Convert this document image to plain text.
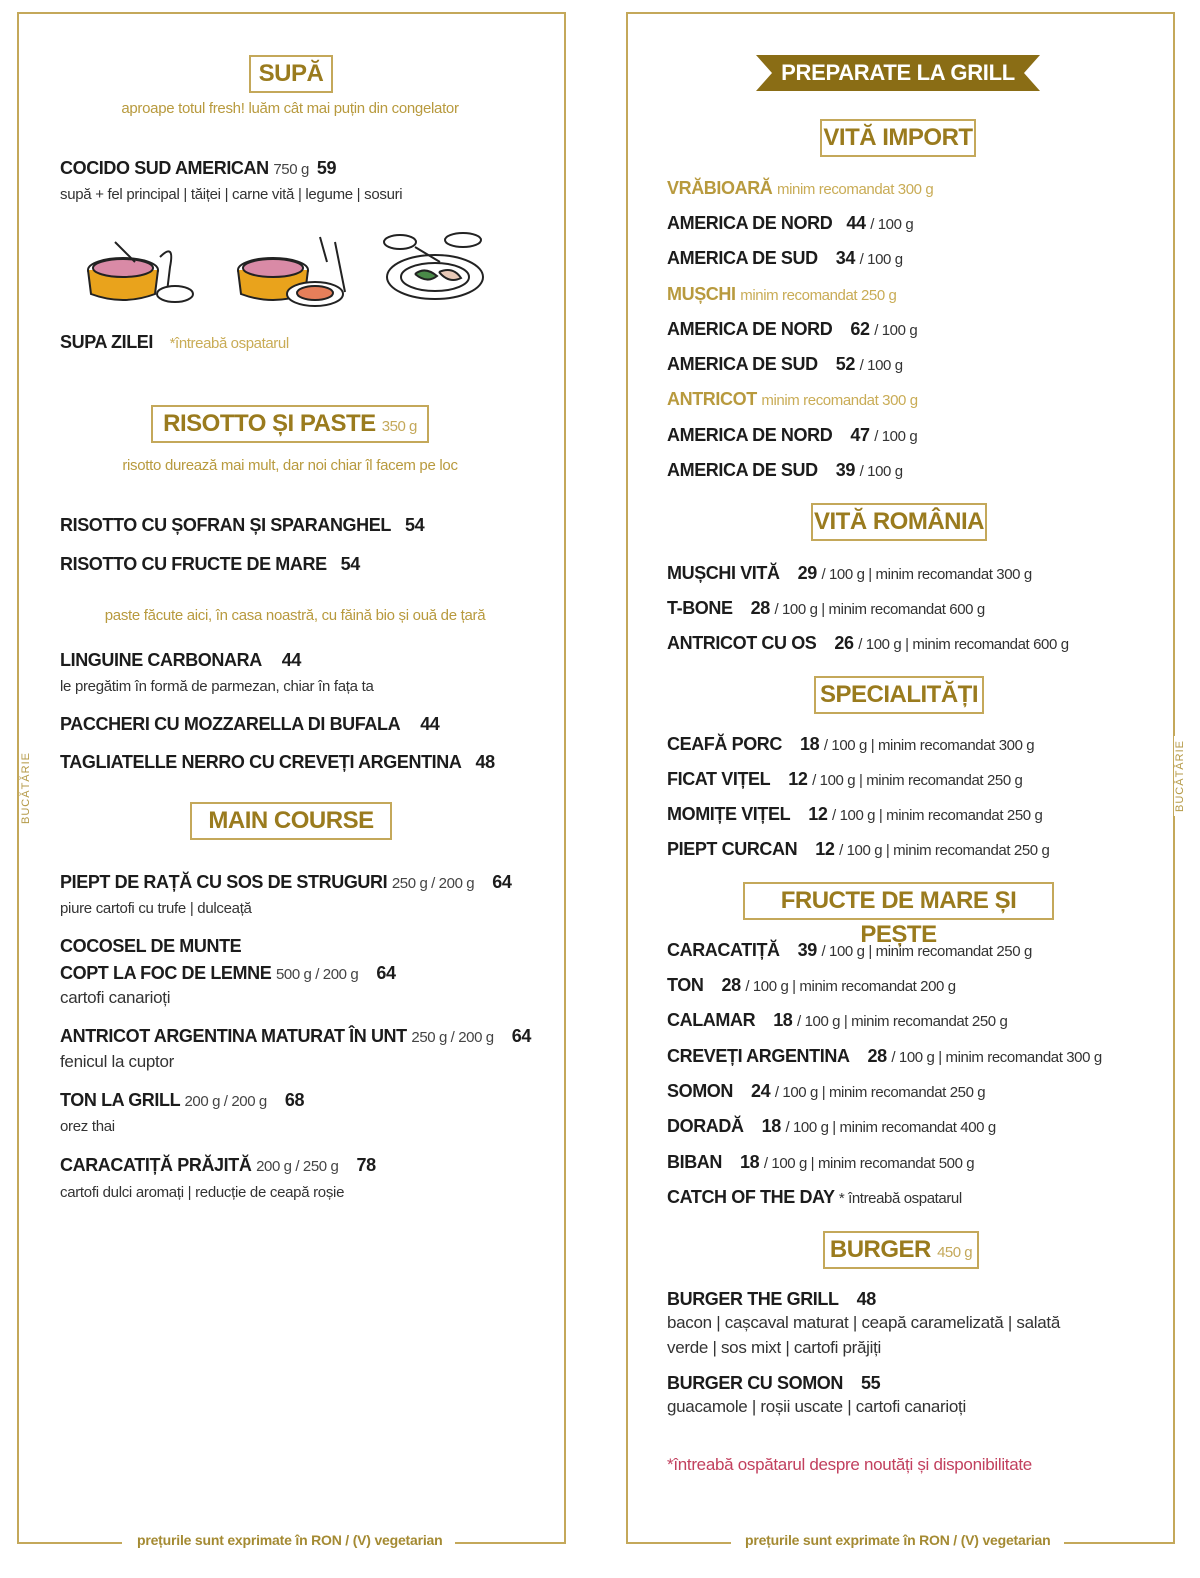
prețurile sunt exprimate în RON / (V) vegetarian	prețurile sunt exprimate în RON / (V) vegetarian
BUCĂTĂRIE	BUCĂTĂRIE
SUPĂ
aproape totul fresh! luăm cât mai puțin din congelator
COCIDO SUD AMERICAN 750 g 59
supă + fel principal | tăiței | carne vită | legume | sosuri
SUPA ZILEI *întreabă ospatarul
RISOTTO ȘI PASTE 350 g
risotto durează mai mult, dar noi chiar îl facem pe loc
RISOTTO CU ȘOFRAN ȘI SPARANGHEL 54
RISOTTO CU FRUCTE DE MARE 54
paste făcute aici, în casa noastră, cu făină bio și ouă de țară
LINGUINE CARBONARA 44
le pregătim în formă de parmezan, chiar în fața ta
PACCHERI CU MOZZARELLA DI BUFALA 44
TAGLIATELLE NERRO CU CREVEȚI ARGENTINA 48
MAIN COURSE
PIEPT DE RAȚĂ CU SOS DE STRUGURI 250 g / 200 g 64
piure cartofi cu trufe | dulceață
COCOSEL DE MUNTE
COPT LA FOC DE LEMNE 500 g / 200 g 64
cartofi canarioți
ANTRICOT ARGENTINA MATURAT ÎN UNT 250 g / 200 g 64
fenicul la cuptor
TON LA GRILL 200 g / 200 g 68
orez thai
CARACATIȚĂ PRĂJITĂ 200 g / 250 g 78
cartofi dulci aromați | reducție de ceapă roșie
PREPARATE LA GRILL
VITĂ IMPORT
VRĂBIOARĂ minim recomandat 300 g
AMERICA DE NORD 44 / 100 g
AMERICA DE SUD 34 / 100 g
MUȘCHI minim recomandat 250 g
AMERICA DE NORD 62 / 100 g
AMERICA DE SUD 52 / 100 g
ANTRICOT minim recomandat 300 g
AMERICA DE NORD 47 / 100 g
AMERICA DE SUD 39 / 100 g
VITĂ ROMÂNIA
MUȘCHI VITĂ 29 / 100 g | minim recomandat 300 g
T-BONE 28 / 100 g | minim recomandat 600 g
ANTRICOT CU OS 26 / 100 g | minim recomandat 600 g
SPECIALITĂȚI
CEAFĂ PORC 18 / 100 g | minim recomandat 300 g
FICAT VIȚEL 12 / 100 g | minim recomandat 250 g
MOMIȚE VIȚEL 12 / 100 g | minim recomandat 250 g
PIEPT CURCAN 12 / 100 g | minim recomandat 250 g
FRUCTE DE MARE ȘI PEȘTE
CARACATIȚĂ 39 / 100 g | minim recomandat 250 g
TON 28 / 100 g | minim recomandat 200 g
CALAMAR 18 / 100 g | minim recomandat 250 g
CREVEȚI ARGENTINA 28 / 100 g | minim recomandat 300 g
SOMON 24 / 100 g | minim recomandat 250 g
DORADĂ 18 / 100 g | minim recomandat 400 g
BIBAN 18 / 100 g | minim recomandat 500 g
CATCH OF THE DAY * întreabă ospatarul
BURGER 450 g
BURGER THE GRILL 48
bacon | cașcaval maturat | ceapă caramelizată | salată
verde | sos mixt | cartofi prăjiți
BURGER CU SOMON 55
guacamole | roșii uscate | cartofi canarioți
*întreabă ospătarul despre noutăți și disponibilitate
